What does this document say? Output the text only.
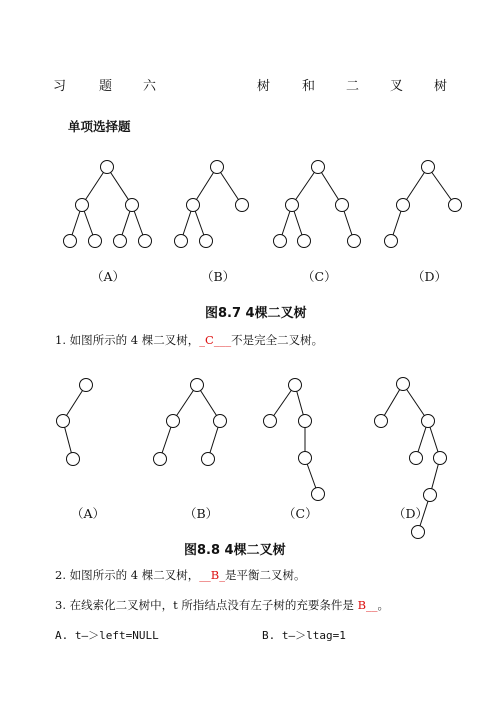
习	题 六	树 和 二 叉 树
单项选择题
（A）	（B）	（C）	（D）
图8.7 4棵二叉树
1. 如图所示的 4 棵二叉树，_C___不是完全二叉树。
（A）	（B）	（C）	（D）
图8.8 4棵二叉树
2. 如图所示的 4 棵二叉树，__B_是平衡二叉树。
3. 在线索化二叉树中，t 所指结点没有左子树的充要条件是 B__。
A. t—＞left=NULL	B. t—＞ltag=1
